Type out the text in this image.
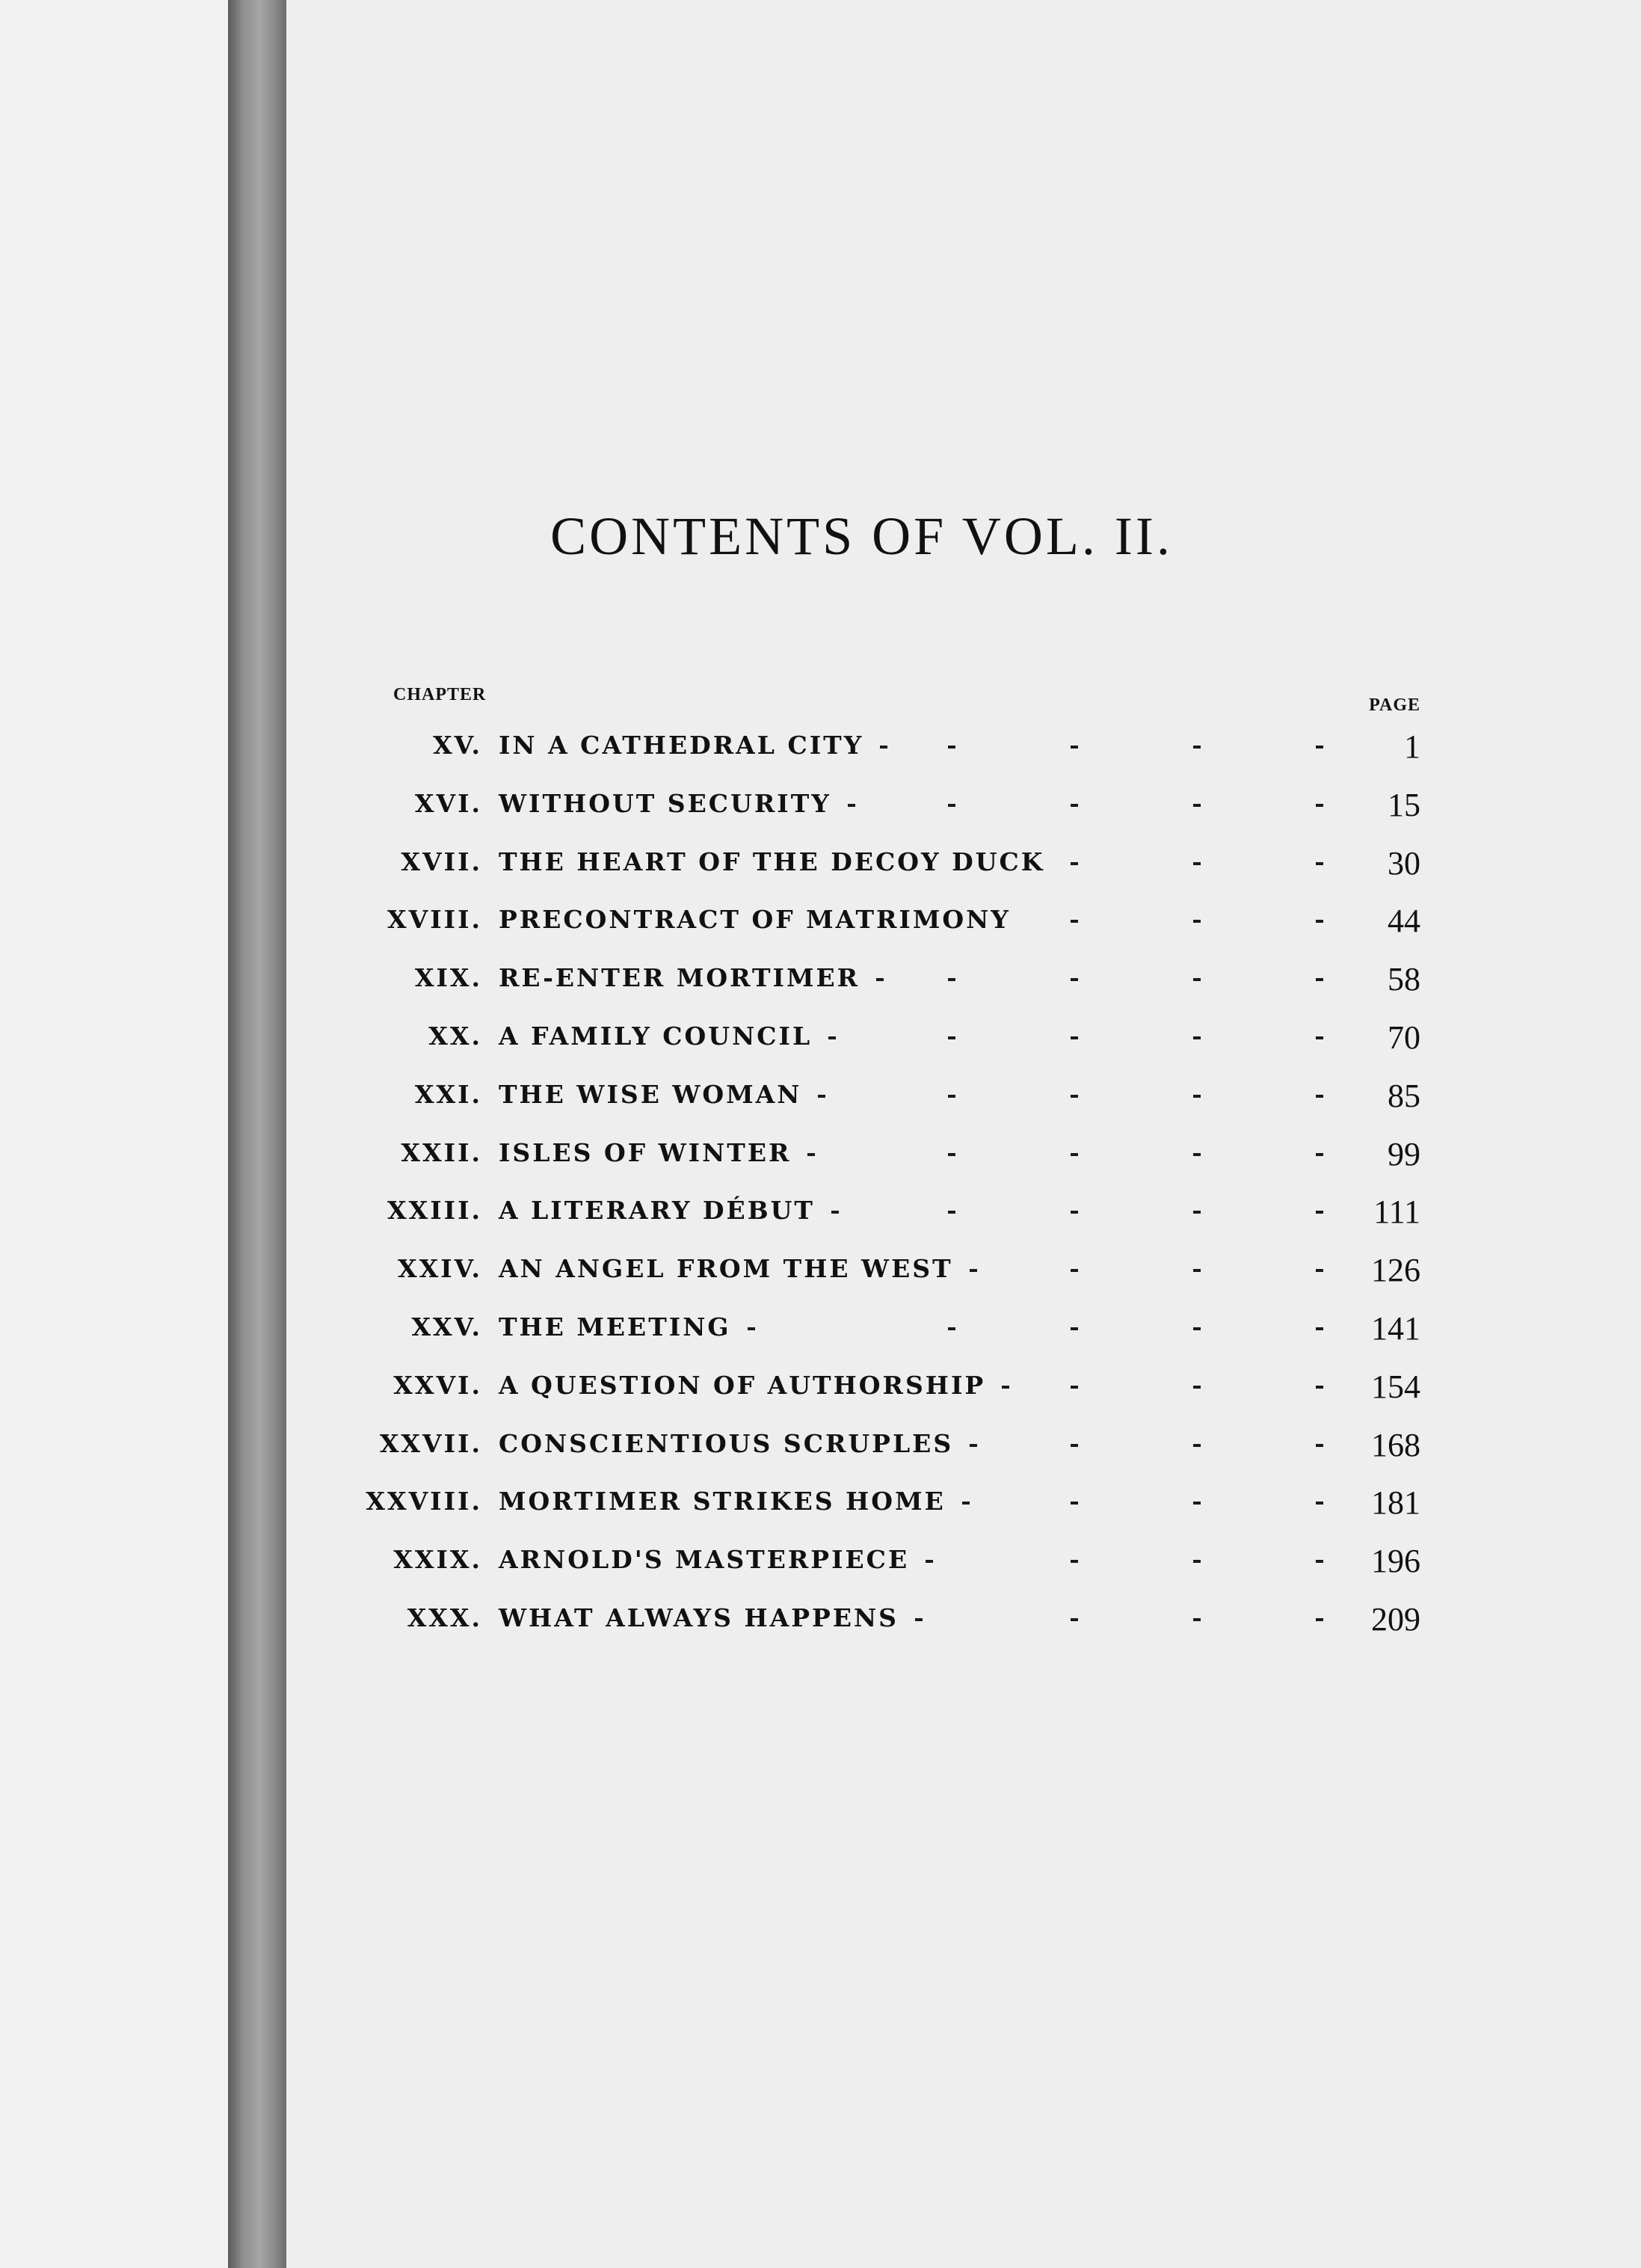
CONTENTS OF VOL. II.
CHAPTER
PAGE
XV. IN A CATHEDRAL CITY	1
XVI. WITHOUT SECURITY	15
XVII. THE HEART OF THE DECOY DUCK	30
XVIII. PRECONTRACT OF MATRIMONY	44
XIX. RE-ENTER MORTIMER	58
XX. A FAMILY COUNCIL	70
XXI. THE WISE WOMAN	85
XXII. ISLES OF WINTER	99
XXIII. A LITERARY DÉBUT	111
XXIV. AN ANGEL FROM THE WEST	126
XXV. THE MEETING	141
XXVI. A QUESTION OF AUTHORSHIP	154
XXVII. CONSCIENTIOUS SCRUPLES	168
XXVIII. MORTIMER STRIKES HOME	181
XXIX. ARNOLD'S MASTERPIECE	196
XXX. WHAT ALWAYS HAPPENS	209
